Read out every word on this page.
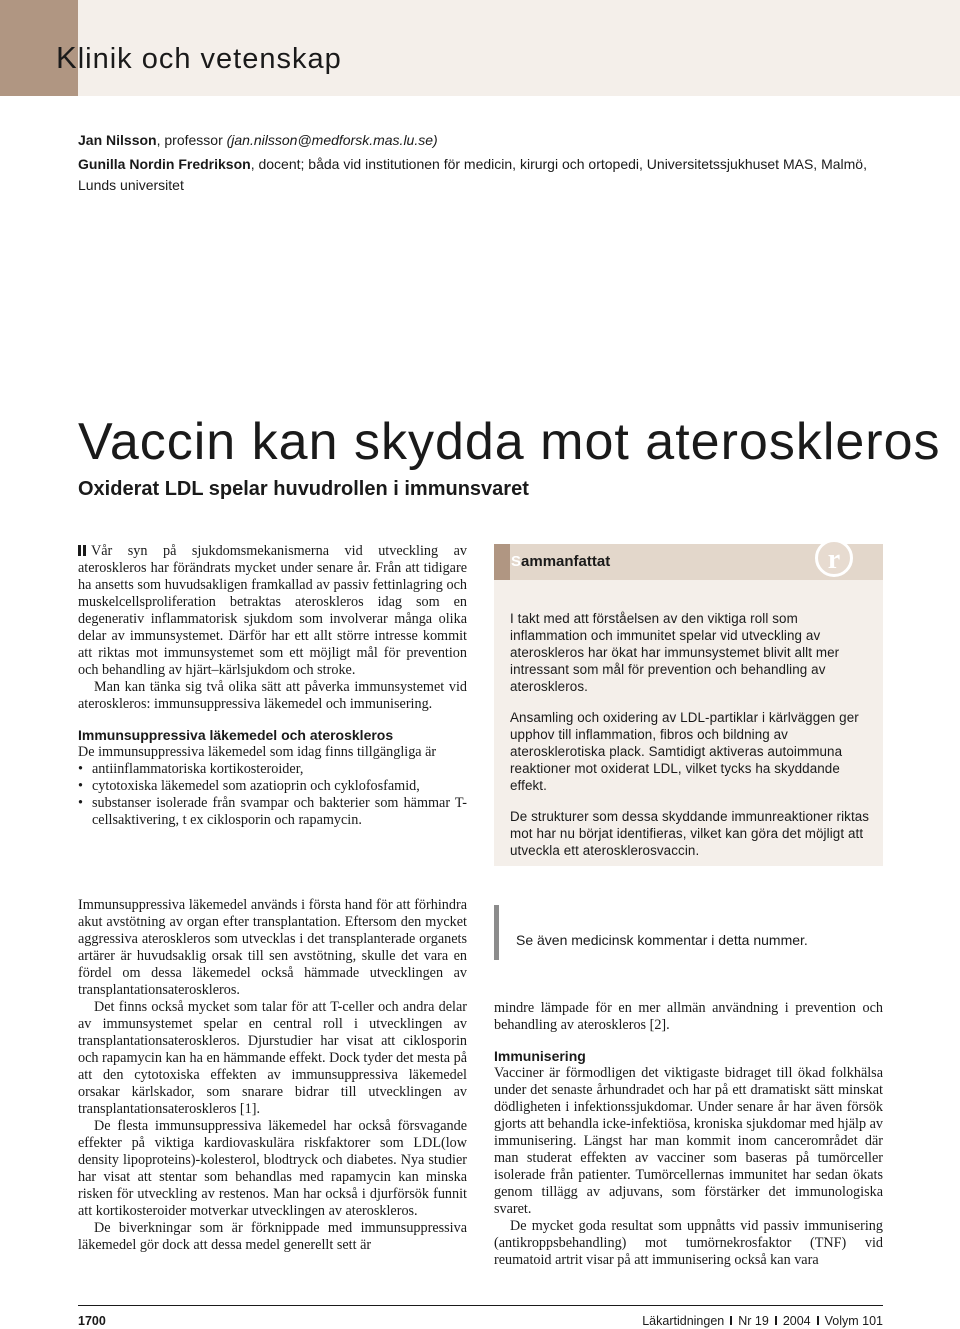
Klinik och vetenskap
Jan Nilsson, professor (jan.nilsson@medforsk.mas.lu.se)
Gunilla Nordin Fredrikson, docent; båda vid institutionen för medicin, kirurgi och ortopedi, Universitetssjukhuset MAS, Malmö, Lunds universitet
Vaccin kan skydda mot ateroskleros
Oxiderat LDL spelar huvudrollen i immunsvaret

Vår syn på sjukdomsmekanismerna vid utveckling av ateroskleros har förändrats mycket under senare år. Från att tidigare ha ansetts som huvudsakligen framkallad av passiv fettinlagring och muskelcellsproliferation betraktas ateroskleros idag som en degenerativ inflammatorisk sjukdom som involverar många olika delar av immunsystemet. Därför har ett allt större intresse kommit att riktas mot immunsystemet som ett möjligt mål för prevention och behandling av hjärt–kärlsjukdom och stroke.

Man kan tänka sig två olika sätt att påverka immunsystemet vid ateroskleros: immunsuppressiva läkemedel och immunisering.

Immunsuppressiva läkemedel och ateroskleros

De immunsuppressiva läkemedel som idag finns tillgängliga är

• antiinflammatoriska kortikosteroider,
• cytotoxiska läkemedel som azatioprin och cyklofosfamid,
• substanser isolerade från svampar och bakterier som hämmar T-cellsaktivering, t ex ciklosporin och rapamycin.

Immunsuppressiva läkemedel används i första hand för att förhindra akut avstötning av organ efter transplantation. Eftersom den mycket aggressiva ateroskleros som utvecklas i det transplanterade organets artärer är huvudsaklig orsak till sen avstötning, skulle det vara en fördel om dessa läkemedel också hämmade utvecklingen av transplantationsateroskleros.

Det finns också mycket som talar för att T-celler och andra delar av immunsystemet spelar en central roll i utvecklingen av transplantationsateroskleros. Djurstudier har visat att ciklosporin och rapamycin kan ha en hämmande effekt. Dock tyder det mesta på att den cytotoxiska effekten av immunsuppressiva läkemedel orsakar kärlskador, som snarare bidrar till utvecklingen av transplantationsateroskleros [1].

De flesta immunsuppressiva läkemedel har också försvagande effekter på viktiga kardiovaskulära riskfaktorer som LDL(low density lipoproteins)-kolesterol, blodtryck och diabetes. Nya studier har visat att stentar som behandlas med rapamycin kan minska risken för utveckling av restenos. Man har också i djurförsök funnit att kortikosteroider motverkar utvecklingen av ateroskleros.

De biverkningar som är förknippade med immunsuppressiva läkemedel gör dock att dessa medel generellt sett är

Sammanfattat	r

I takt med att förståelsen av den viktiga roll som inflammation och immunitet spelar vid utveckling av ateroskleros har ökat har immunsystemet blivit allt mer intressant som mål för prevention och behandling av ateroskleros.

Ansamling och oxidering av LDL-partiklar i kärlväggen ger upphov till inflammation, fibros och bildning av aterosklerotiska plack. Samtidigt aktiveras autoimmuna reaktioner mot oxiderat LDL, vilket tycks ha skyddande effekt.

De strukturer som dessa skyddande immunreaktioner riktas mot har nu börjat identifieras, vilket kan göra det möjligt att utveckla ett aterosklerosvaccin.

Se även medicinsk kommentar i detta nummer.

mindre lämpade för en mer allmän användning i prevention och behandling av ateroskleros [2].

Immunisering

Vacciner är förmodligen det viktigaste bidraget till ökad folkhälsa under det senaste århundradet och har på ett dramatiskt sätt minskat dödligheten i infektionssjukdomar. Under senare år har även försök gjorts att behandla icke-infektiösa, kroniska sjukdomar med hjälp av immunisering. Längst har man kommit inom cancerområdet där man studerat effekten av vacciner som baseras på tumörceller isolerade från patienter. Tumörcellernas immunitet har sedan ökats genom tillägg av adjuvans, som förstärker det immunologiska svaret.

De mycket goda resultat som uppnåtts vid passiv immunisering (antikroppsbehandling) mot tumörnekrosfaktor (TNF) vid reumatoid artrit visar på att immunisering också kan vara

1700	Läkartidningen Nr 19 2004 Volym 101
